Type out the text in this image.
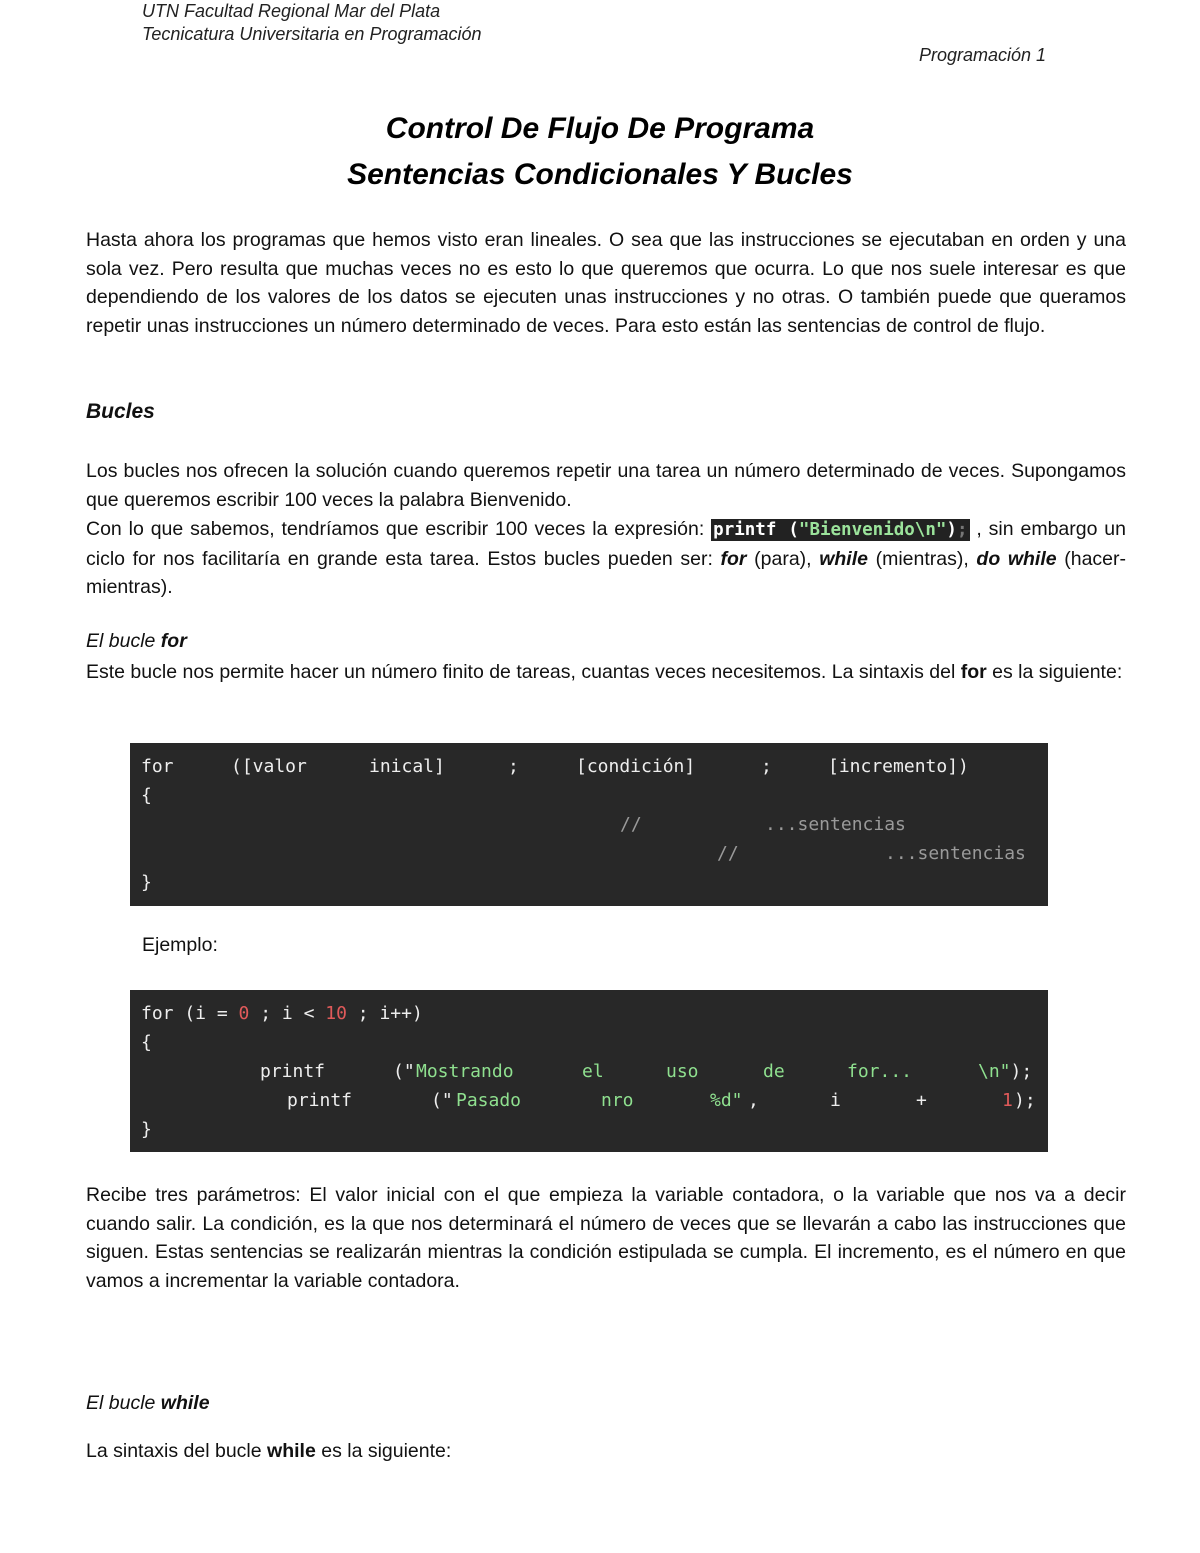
UTN Facultad Regional Mar del Plata
Tecnicatura Universitaria en Programación
Programación 1
Control De Flujo De Programa
Sentencias Condicionales Y Bucles
Hasta ahora los programas que hemos visto eran lineales. O sea que las instrucciones se ejecutaban en orden y una sola vez. Pero resulta que muchas veces no es esto lo que queremos que ocurra. Lo que nos suele interesar es que dependiendo de los valores de los datos se ejecuten unas instrucciones y no otras. O también puede que queramos repetir unas instrucciones un número determinado de veces. Para esto están las sentencias de control de flujo.
Bucles
Los bucles nos ofrecen la solución cuando queremos repetir una tarea un número determinado de veces. Supongamos que queremos escribir 100 veces la palabra Bienvenido.
Con lo que sabemos, tendríamos que escribir 100 veces la expresión: printf ("Bienvenido\n"); , sin embargo un ciclo for nos facilitaría en grande esta tarea. Estos bucles pueden ser: for (para), while (mientras), do while (hacer-mientras).
El bucle for
Este bucle nos permite hacer un número finito de tareas, cuantas veces necesitemos. La sintaxis del for es la siguiente:
for	([valor	inical]	;	[condición]	;	[incremento])
{
//	...sentencias
//	...sentencias
}
Ejemplo:
for (i = 0 ; i < 10 ; i++)
{
printf	(" Mostrando	el	uso	de	for...	\n");
printf	(" Pasado	nro	%d" ,	i	+	1 );
}
Recibe tres parámetros: El valor inicial con el que empieza la variable contadora, o la variable que nos va a decir cuando salir. La condición, es la que nos determinará el número de veces que se llevarán a cabo las instrucciones que siguen. Estas sentencias se realizarán mientras la condición estipulada se cumpla. El incremento, es el número en que vamos a incrementar la variable contadora.
El bucle while
La sintaxis del bucle while es la siguiente:
